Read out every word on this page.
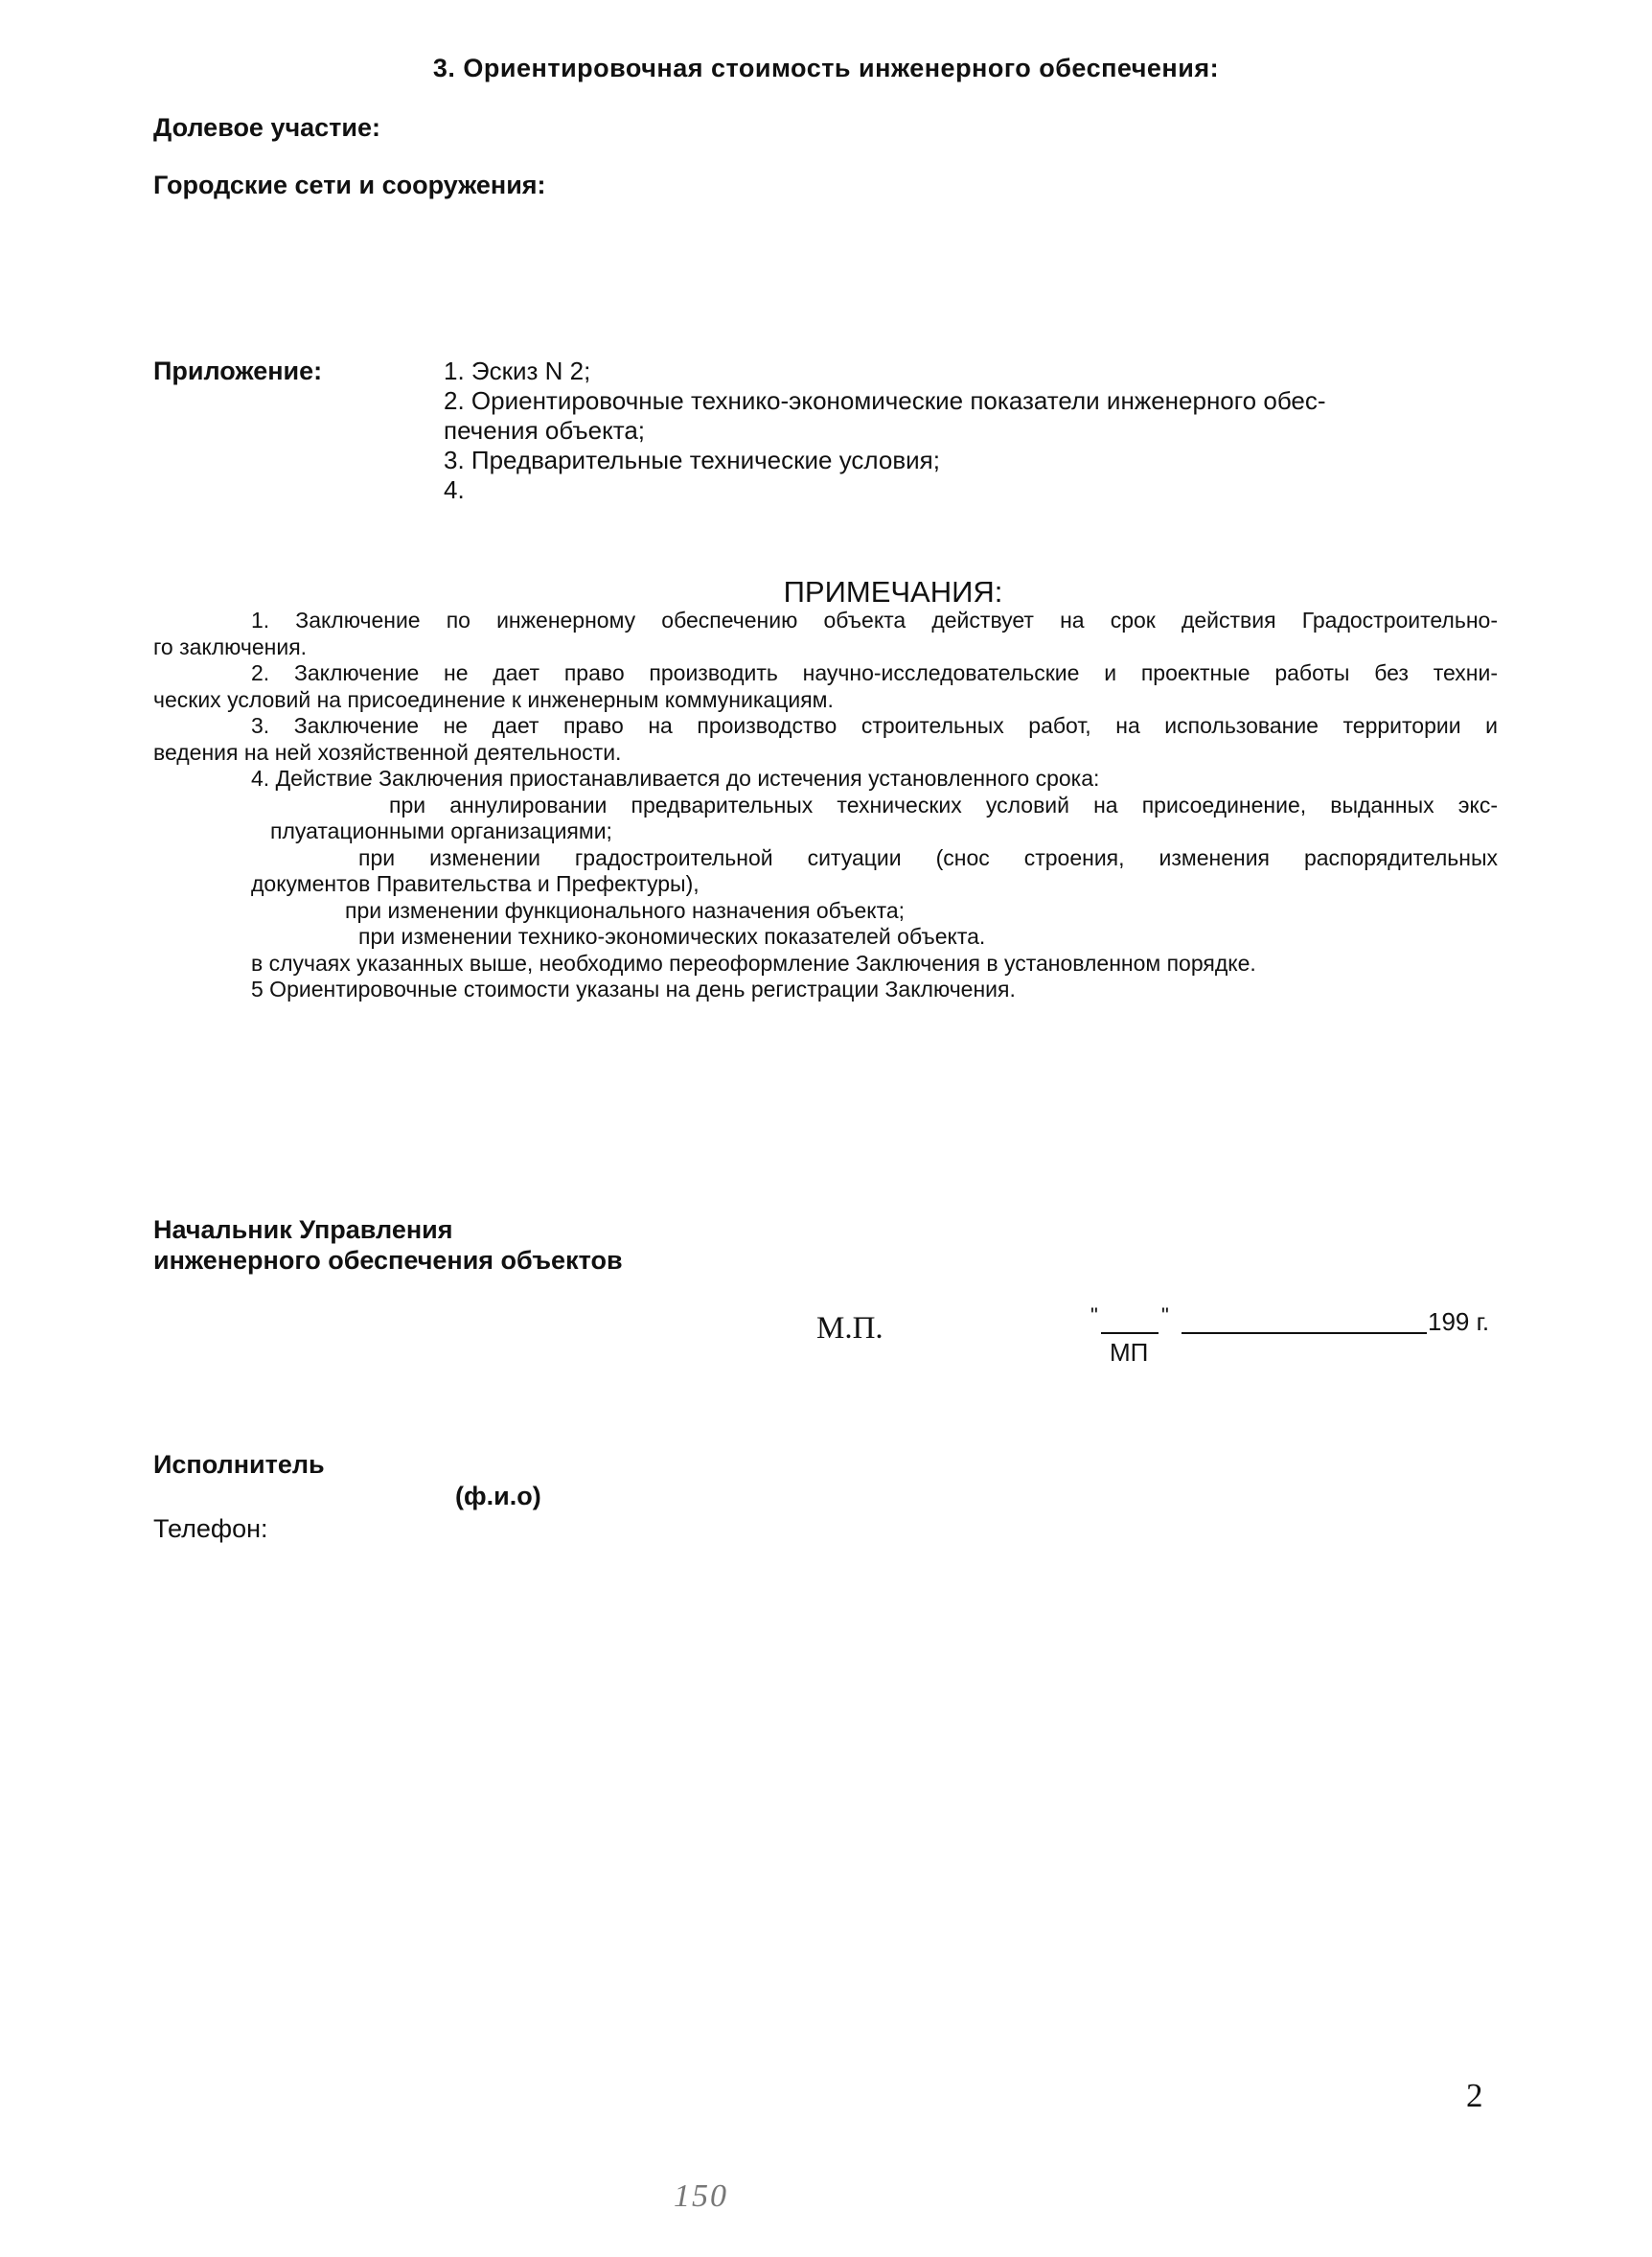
3. Ориентировочная стоимость инженерного обеспечения:
Долевое участие:
Городские сети и сооружения:
Приложение:	1. Эскиз N 2;
2. Ориентировочные технико-экономические показатели инженерного обес-
печения объекта;
3. Предварительные технические условия;
4.
ПРИМЕЧАНИЯ:
1. Заключение по инженерному обеспечению объекта действует на срок действия Градостроительно-
го заключения.
2. Заключение не дает право производить научно-исследовательские и проектные работы без техни-
ческих условий на присоединение к инженерным коммуникациям.
3. Заключение не дает право на производство строительных работ, на использование территории и
ведения на ней хозяйственной деятельности.
4. Действие Заключения приостанавливается до истечения установленного срока:
при аннулировании предварительных технических условий на присоединение, выданных экс-
плуатационными организациями;
при изменении градостроительной ситуации (снос строения, изменения распорядительных
документов Правительства и Префектуры),
при изменении функционального назначения объекта;
при изменении технико-экономических показателей объекта.
в случаях указанных выше, необходимо переоформление Заключения в установленном порядке.
5 Ориентировочные стоимости указаны на день регистрации Заключения.
Начальник Управления
инженерного обеспечения объектов
М.П.	"	"	199 г.
МП
Исполнитель
(ф.и.о)
Телефон:
2
150
